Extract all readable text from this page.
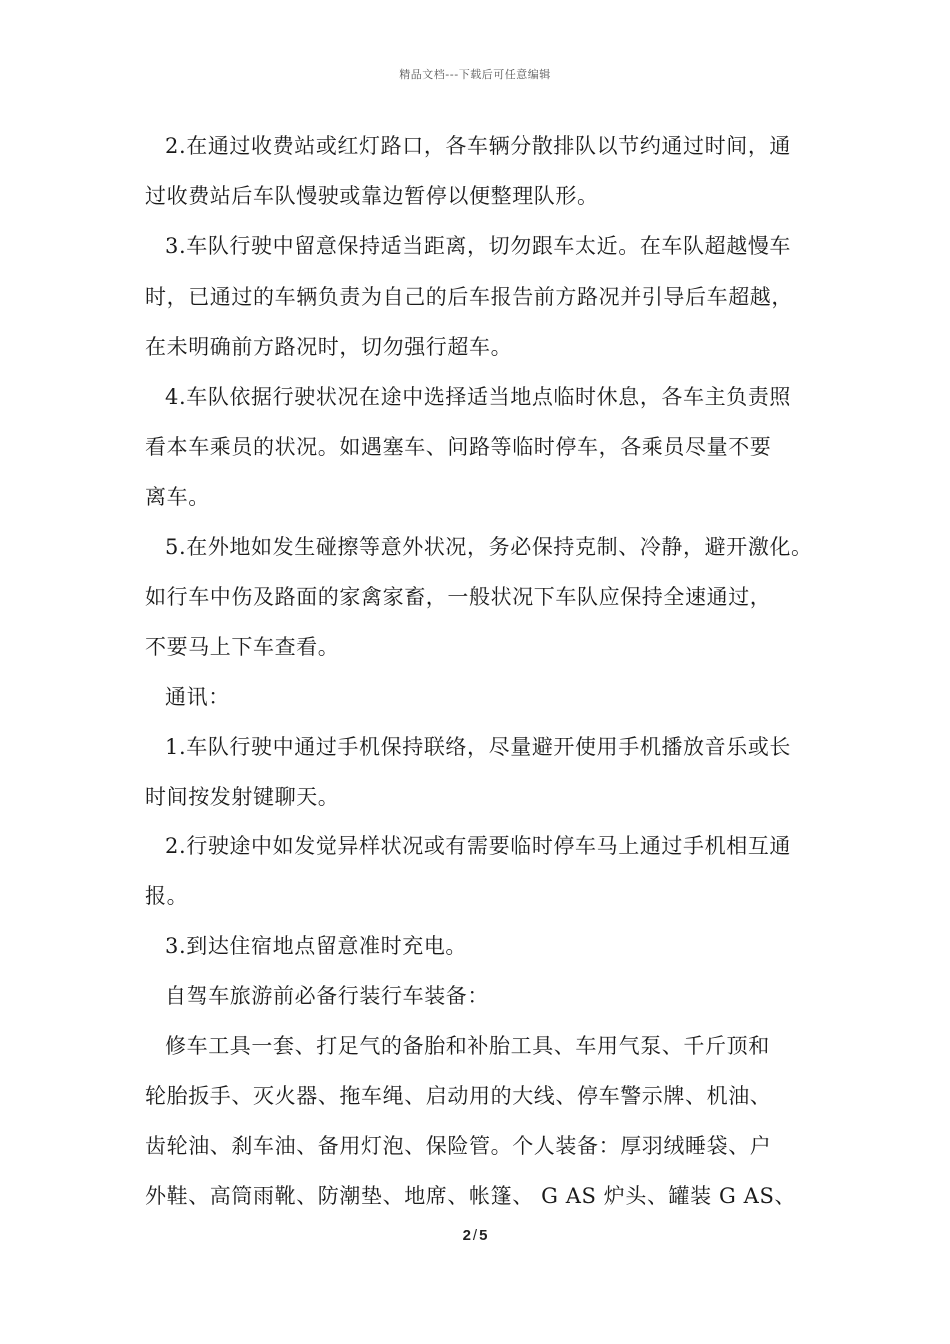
精品文档---下载后可任意编辑
2.在通过收费站或红灯路口，各车辆分散排队以节约通过时间，通
过收费站后车队慢驶或靠边暂停以便整理队形。
3.车队行驶中留意保持适当距离，切勿跟车太近。在车队超越慢车
时，已通过的车辆负责为自己的后车报告前方路况并引导后车超越，
在未明确前方路况时，切勿强行超车。
4.车队依据行驶状况在途中选择适当地点临时休息，各车主负责照
看本车乘员的状况。如遇塞车、问路等临时停车，各乘员尽量不要
离车。
5.在外地如发生碰擦等意外状况，务必保持克制、冷静，避开激化。
如行车中伤及路面的家禽家畜，一般状况下车队应保持全速通过，
不要马上下车查看。
通讯：
1.车队行驶中通过手机保持联络，尽量避开使用手机播放音乐或长
时间按发射键聊天。
2.行驶途中如发觉异样状况或有需要临时停车马上通过手机相互通
报。
3.到达住宿地点留意准时充电。
自驾车旅游前必备行装行车装备：
修车工具一套、打足气的备胎和补胎工具、车用气泵、千斤顶和
轮胎扳手、灭火器、拖车绳、启动用的大线、停车警示牌、机油、
齿轮油、刹车油、备用灯泡、保险管。个人装备：厚羽绒睡袋、户
外鞋、高筒雨靴、防潮垫、地席、帐篷、 G AS 炉头、罐装 G AS、
2 / 5
